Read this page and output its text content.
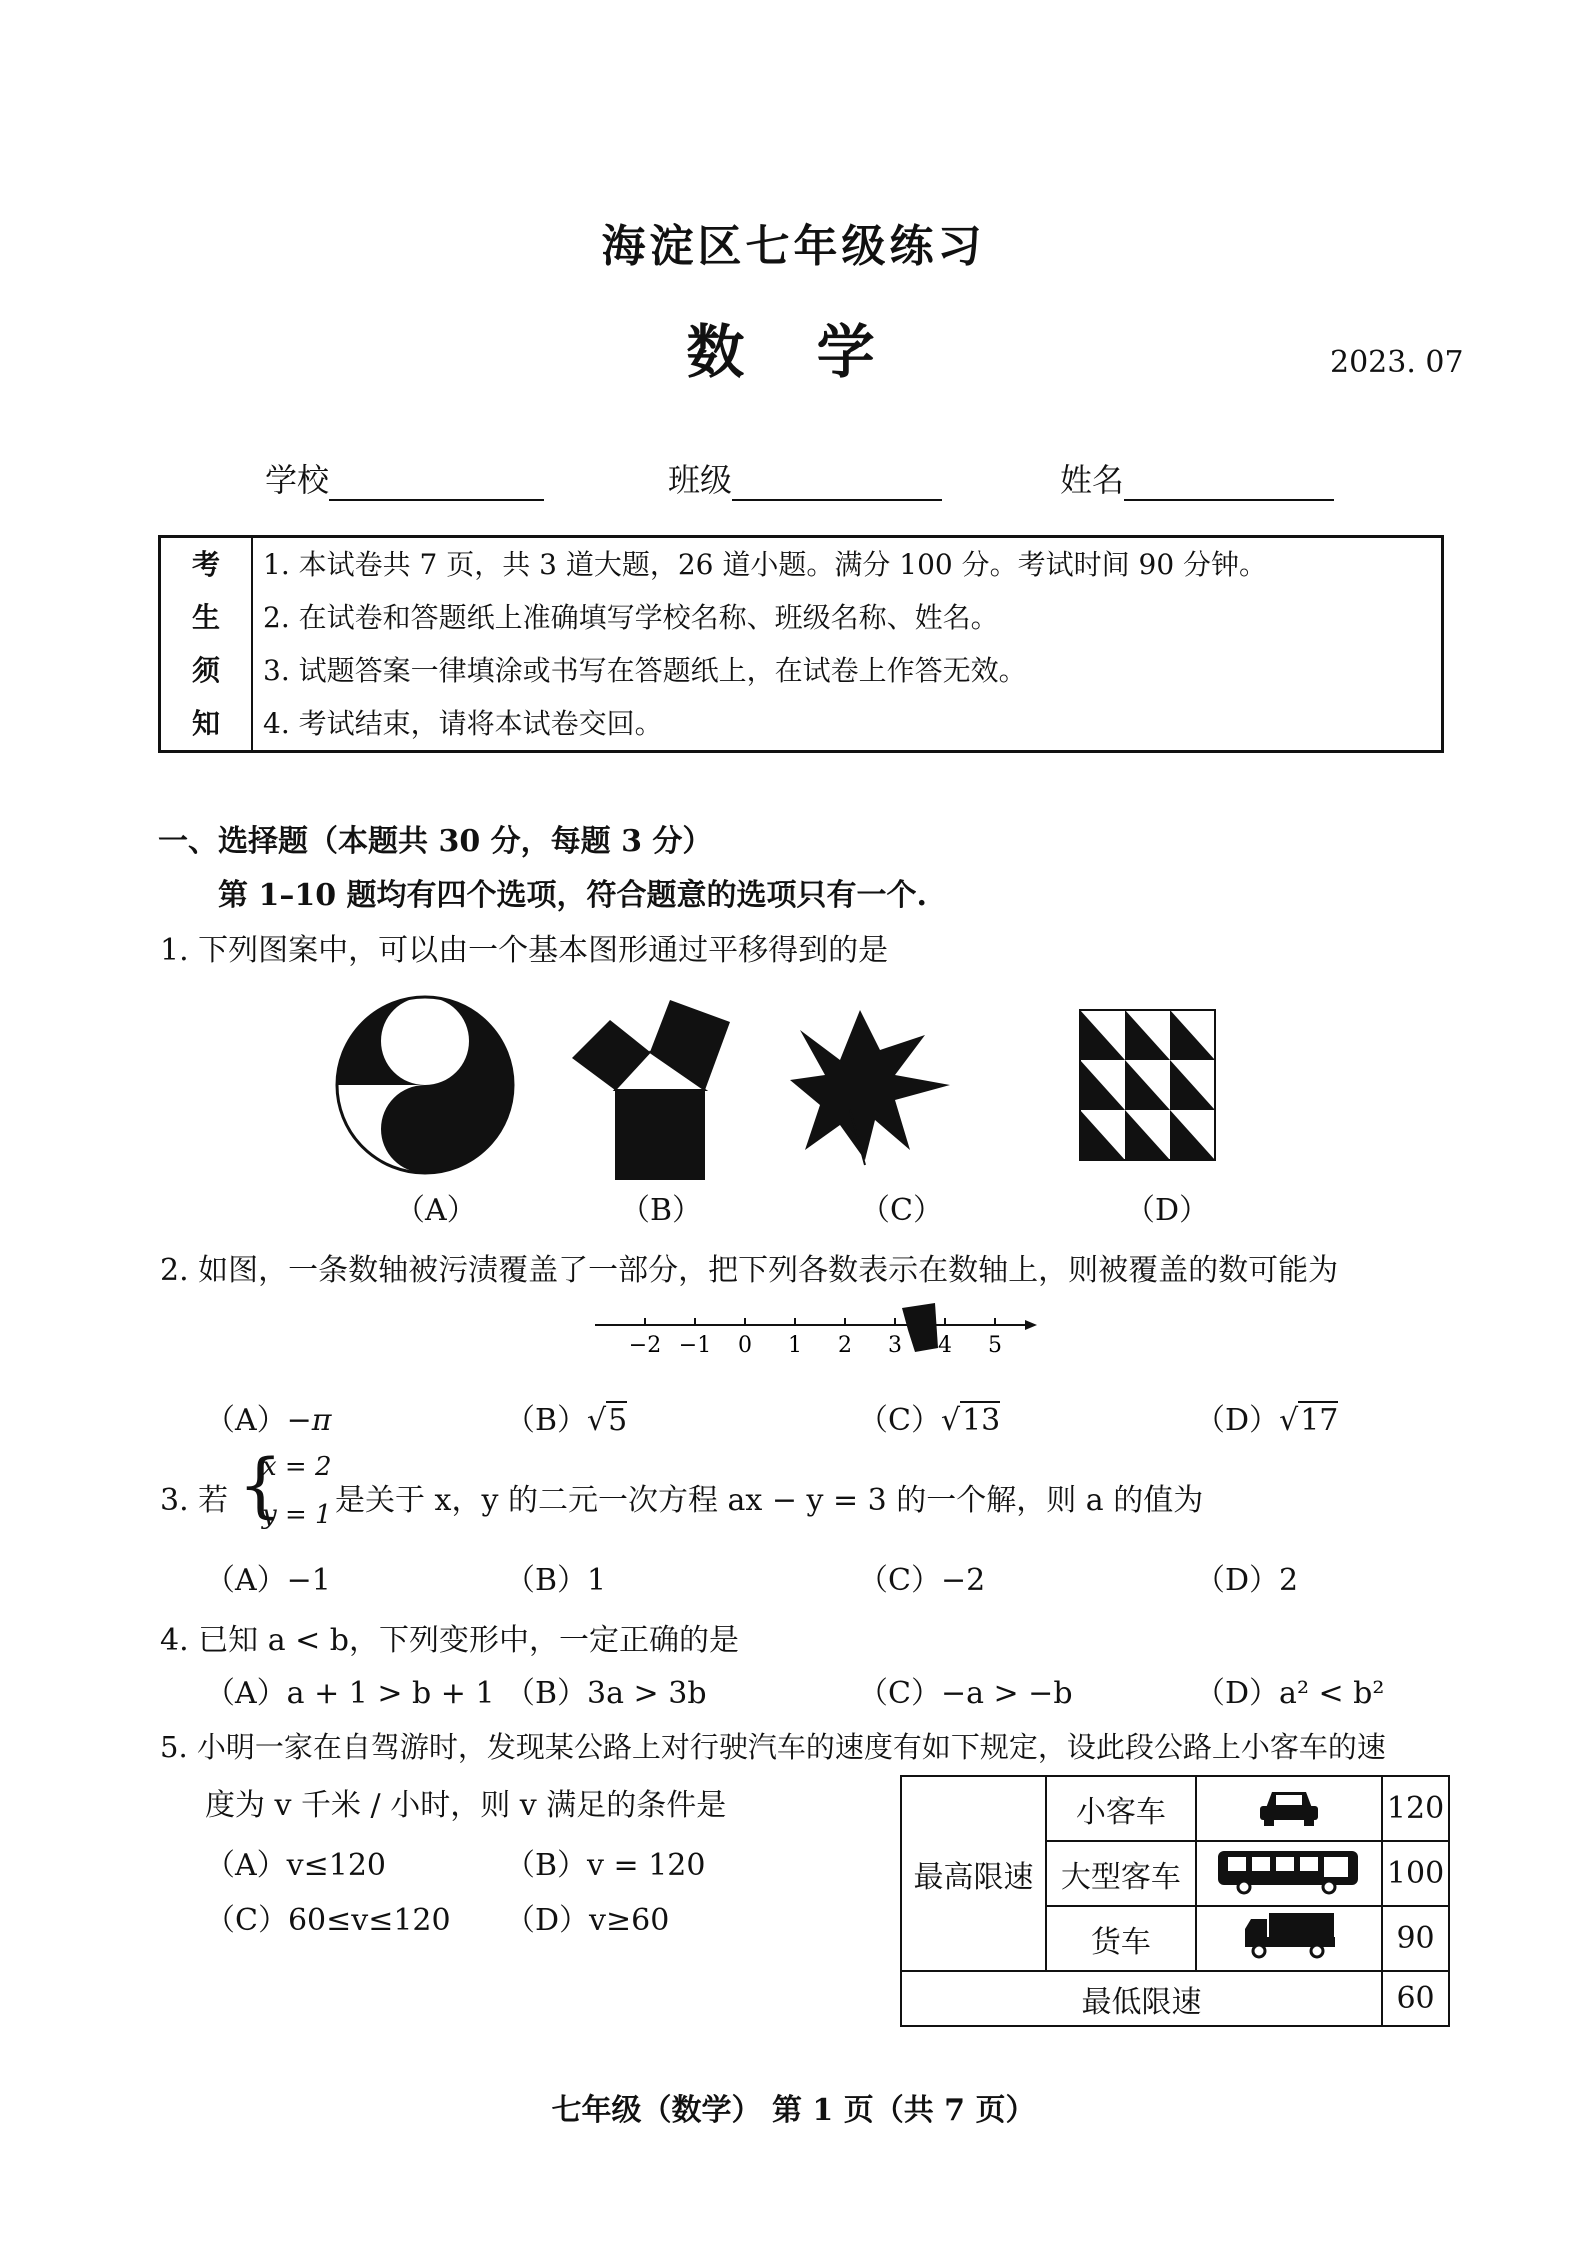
海淀区七年级练习
数 学	2023. 07
学校	班级	姓名
考
生
须
知
1. 本试卷共 7 页，共 3 道大题，26 道小题。满分 100 分。考试时间 90 分钟。
2. 在试卷和答题纸上准确填写学校名称、班级名称、姓名。
3. 试题答案一律填涂或书写在答题纸上，在试卷上作答无效。
4. 考试结束，请将本试卷交回。
一、选择题（本题共 30 分，每题 3 分）
第 1–10 题均有四个选项，符合题意的选项只有一个.
1. 下列图案中，可以由一个基本图形通过平移得到的是
（A）	（B）	（C）	（D）
2. 如图，一条数轴被污渍覆盖了一部分，把下列各数表示在数轴上，则被覆盖的数可能为
−2 −1 0 1 2 3 4 5
（A）−π	（B）√5	（C）√13	（D）√17
3. 若 {
x = 2
y = 1 是关于 x，y 的二元一次方程 ax − y = 3 的一个解，则 a 的值为
（A）−1	（B）1	（C）−2	（D）2
4. 已知 a < b，下列变形中，一定正确的是
（A）a + 1 > b + 1 （B）3a > 3b	（C）−a > −b	（D）a² < b²
5. 小明一家在自驾游时，发现某公路上对行驶汽车的速度有如下规定，设此段公路上小客车的速
度为 v 千米 / 小时，则 v 满足的条件是
（A）v≤120	（B）v = 120
（C）60≤v≤120 （D）v≥60
最高限速	小客车		120
	大型客车		100
	货车		90
最低限速			60
七年级（数学） 第 1 页（共 7 页）
